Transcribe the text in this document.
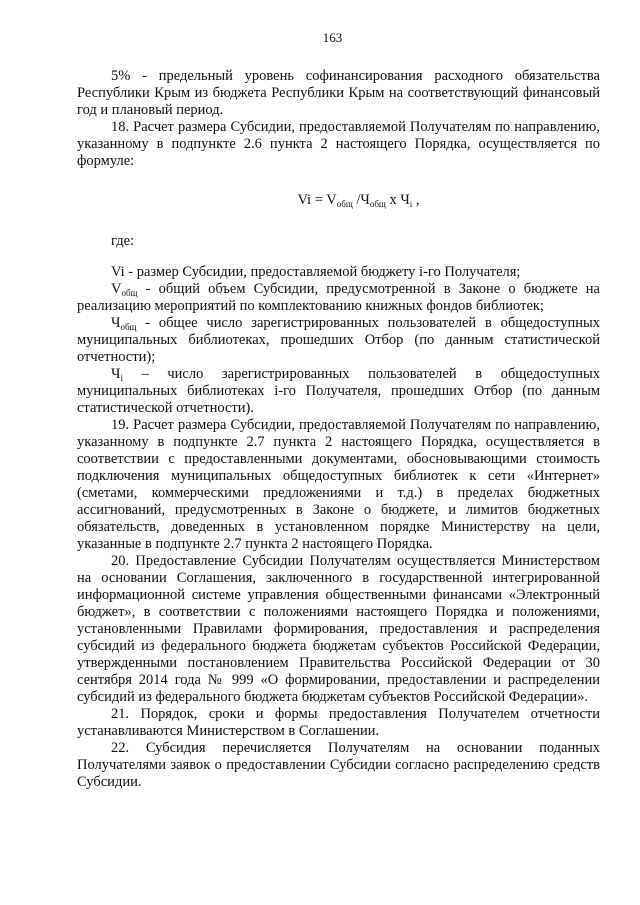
163

5% - предельный уровень софинансирования расходного обязательства Республики Крым из бюджета Республики Крым на соответствующий финансовый год и плановый период.

18. Расчет размера Субсидии, предоставляемой Получателям по направлению, указанному в подпункте 2.6 пункта 2 настоящего Порядка, осуществляется по формуле:

$Vi = V_{общ}$ $/Ч_{общ}$ х $Ч_i$ ,
где:

Vi - размер Субсидии, предоставляемой бюджету i-го Получателя;

$V_{общ}$ - общий объем Субсидии, предусмотренной в Законе о бюджете на реализацию мероприятий по комплектованию книжных фондов библиотек;

$Ч_{общ}$ - общее число зарегистрированных пользователей в общедоступных муниципальных библиотеках, прошедших Отбор (по данным статистической отчетности);

$Ч_i$ – число зарегистрированных пользователей в общедоступных муниципальных библиотеках i-го Получателя, прошедших Отбор (по данным статистической отчетности).

19. Расчет размера Субсидии, предоставляемой Получателям по направлению, указанному в подпункте 2.7 пункта 2 настоящего Порядка, осуществляется в соответствии с предоставленными документами, обосновывающими стоимость подключения муниципальных общедоступных библиотек к сети «Интернет» (сметами, коммерческими предложениями и т.д.) в пределах бюджетных ассигнований, предусмотренных в Законе о бюджете, и лимитов бюджетных обязательств, доведенных в установленном порядке Министерству на цели, указанные в подпункте 2.7 пункта 2 настоящего Порядка.

20. Предоставление Субсидии Получателям осуществляется Министерством на основании Соглашения, заключенного в государственной интегрированной информационной системе управления общественными финансами «Электронный бюджет», в соответствии с положениями настоящего Порядка и положениями, установленными Правилами формирования, предоставления и распределения субсидий из федерального бюджета бюджетам субъектов Российской Федерации, утвержденными постановлением Правительства Российской Федерации от 30 сентября 2014 года № 999 «О формировании, предоставлении и распределении субсидий из федерального бюджета бюджетам субъектов Российской Федерации».

21. Порядок, сроки и формы предоставления Получателем отчетности устанавливаются Министерством в Соглашении.

22. Субсидия перечисляется Получателям на основании поданных Получателями заявок о предоставлении Субсидии согласно распределению средств Субсидии.
